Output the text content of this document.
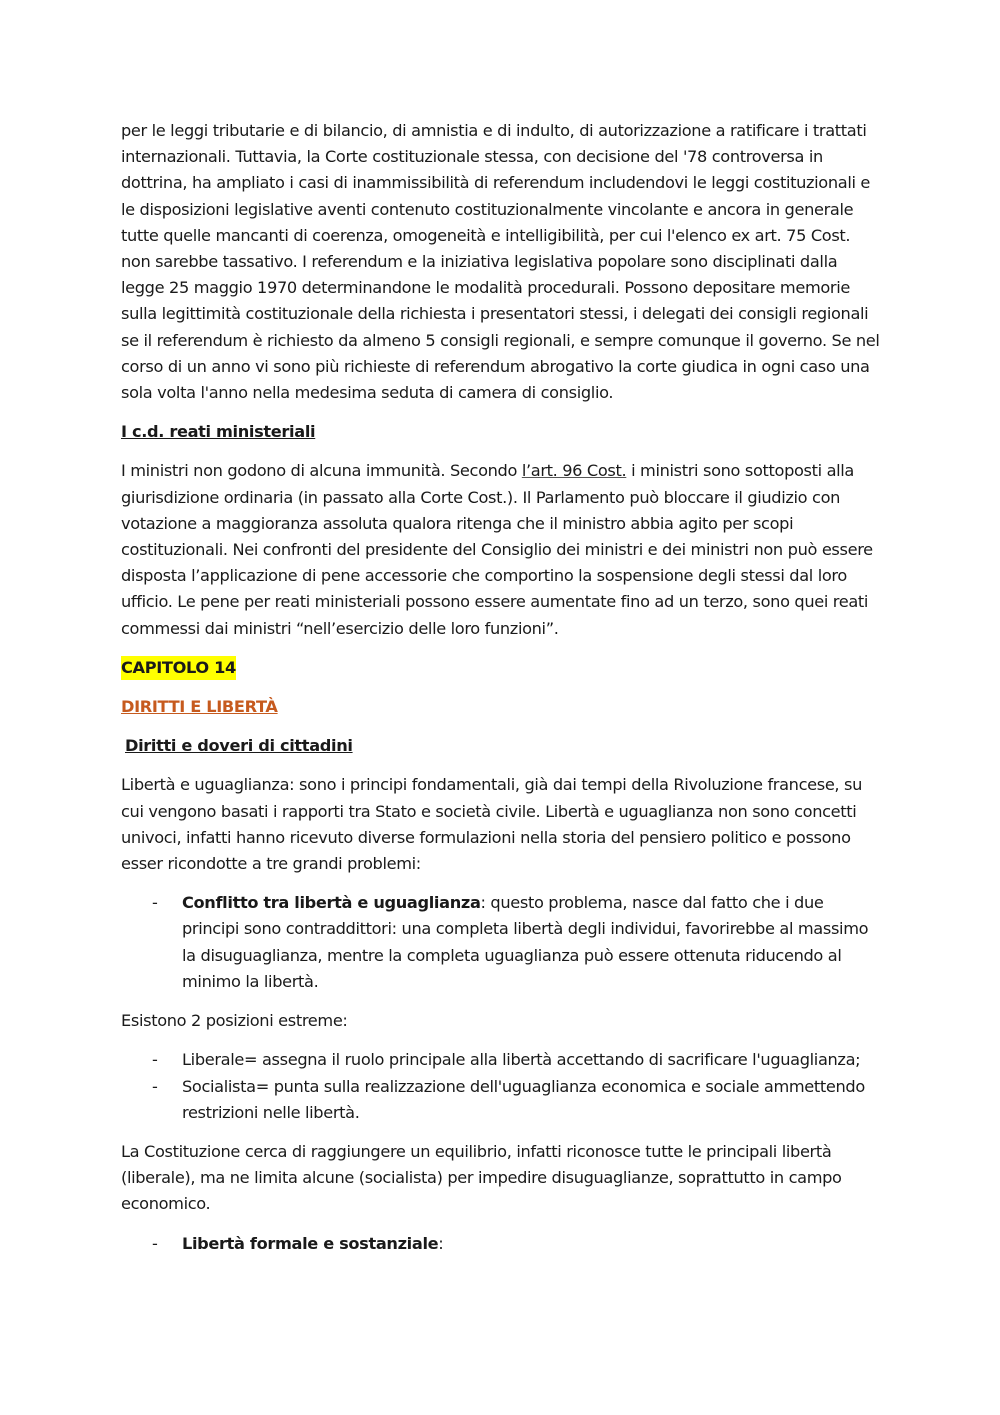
per le leggi tributarie e di bilancio, di amnistia e di indulto, di autorizzazione a ratificare i trattati internazionali. Tuttavia, la Corte costituzionale stessa, con decisione del '78 controversa in dottrina, ha ampliato i casi di inammissibilità di referendum includendovi le leggi costituzionali e le disposizioni legislative aventi contenuto costituzionalmente vincolante e ancora in generale tutte quelle mancanti di coerenza, omogeneità e intelligibilità, per cui l'elenco ex art. 75 Cost. non sarebbe tassativo. I referendum e la iniziativa legislativa popolare sono disciplinati dalla legge 25 maggio 1970 determinandone le modalità procedurali. Possono depositare memorie sulla legittimità costituzionale della richiesta i presentatori stessi, i delegati dei consigli regionali se il referendum è richiesto da almeno 5 consigli regionali, e sempre comunque il governo. Se nel corso di un anno vi sono più richieste di referendum abrogativo la corte giudica in ogni caso una sola volta l'anno nella medesima seduta di camera di consiglio.

I c.d. reati ministeriali

I ministri non godono di alcuna immunità. Secondo l’art. 96 Cost. i ministri sono sottoposti alla giurisdizione ordinaria (in passato alla Corte Cost.). Il Parlamento può bloccare il giudizio con votazione a maggioranza assoluta qualora ritenga che il ministro abbia agito per scopi costituzionali. Nei confronti del presidente del Consiglio dei ministri e dei ministri non può essere disposta l’applicazione di pene accessorie che comportino la sospensione degli stessi dal loro ufficio. Le pene per reati ministeriali possono essere aumentate fino ad un terzo, sono quei reati commessi dai ministri “nell’esercizio delle loro funzioni”.

CAPITOLO 14

DIRITTI E LIBERTÀ

Diritti e doveri di cittadini

Libertà e uguaglianza: sono i principi fondamentali, già dai tempi della Rivoluzione francese, su cui vengono basati i rapporti tra Stato e società civile. Libertà e uguaglianza non sono concetti univoci, infatti hanno ricevuto diverse formulazioni nella storia del pensiero politico e possono esser ricondotte a tre grandi problemi:

- Conflitto tra libertà e uguaglianza: questo problema, nasce dal fatto che i due principi sono contraddittori: una completa libertà degli individui, favorirebbe al massimo la disuguaglianza, mentre la completa uguaglianza può essere ottenuta riducendo al minimo la libertà.

Esistono 2 posizioni estreme:

- Liberale= assegna il ruolo principale alla libertà accettando di sacrificare l'uguaglianza;
- Socialista= punta sulla realizzazione dell'uguaglianza economica e sociale ammettendo restrizioni nelle libertà.

La Costituzione cerca di raggiungere un equilibrio, infatti riconosce tutte le principali libertà (liberale), ma ne limita alcune (socialista) per impedire disuguaglianze, soprattutto in campo economico.

- Libertà formale e sostanziale:
